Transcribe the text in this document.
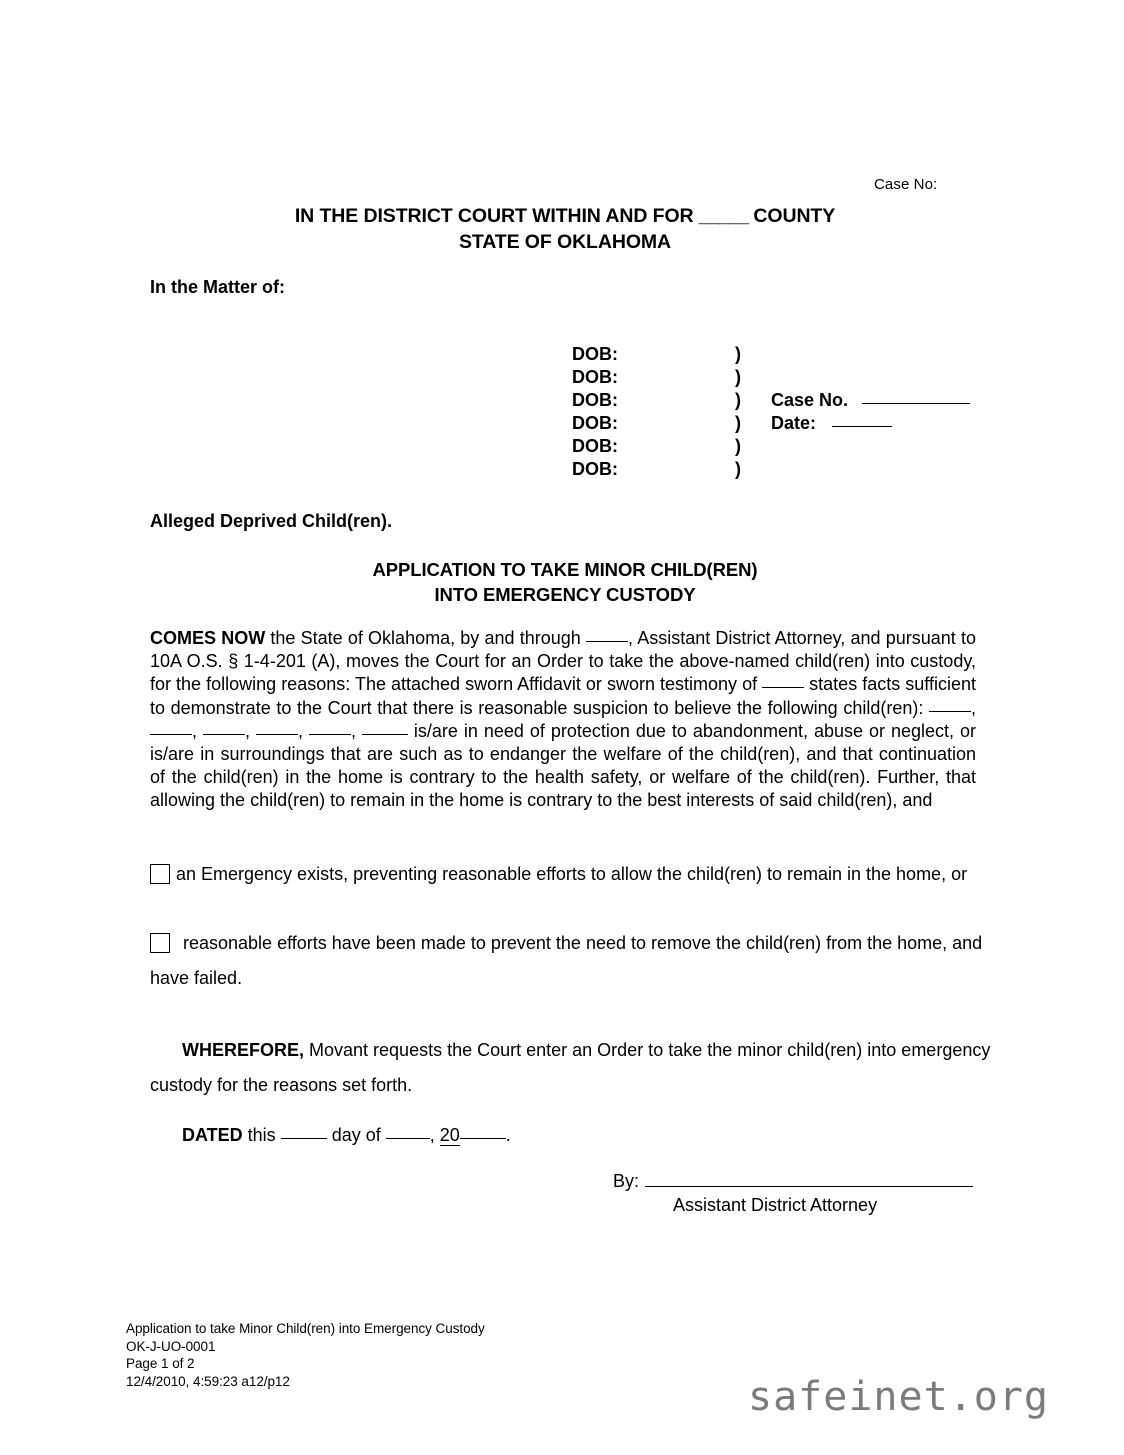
Case No:
IN THE DISTRICT COURT WITHIN AND FOR _____ COUNTY
STATE OF OKLAHOMA
In the Matter of:
DOB:	)
DOB:	)
DOB:	)	Case No.
DOB:	)	Date:
DOB:	)
DOB:	)
Alleged Deprived Child(ren).
APPLICATION TO TAKE MINOR CHILD(REN)
INTO EMERGENCY CUSTODY
COMES NOW the State of Oklahoma, by and through , Assistant District Attorney, and pursuant to 10A O.S. § 1-4-201 (A), moves the Court for an Order to take the above-named child(ren) into custody, for the following reasons: The attached sworn Affidavit or sworn testimony of  states facts sufficient to demonstrate to the Court that there is reasonable suspicion to believe the following child(ren): , , , , ,	is/are in need of protection due to abandonment, abuse or neglect, or is/are in surroundings that are such as to endanger the welfare of the child(ren), and that continuation of the child(ren) in the home is contrary to the health safety, or welfare of the child(ren). Further, that allowing the child(ren) to remain in the home is contrary to the best interests of said child(ren), and
an Emergency exists, preventing reasonable efforts to allow the child(ren) to remain in the home, or
reasonable efforts have been made to prevent the need to remove the child(ren) from the home, and have failed.
WHEREFORE, Movant requests the Court enter an Order to take the minor child(ren) into emergency custody for the reasons set forth.
DATED this	day of , 20	.
By:
Assistant District Attorney
Application to take Minor Child(ren) into Emergency Custody
OK-J-UO-0001
Page 1 of 2
12/4/2010, 4:59:23 a12/p12	safeinet.org
